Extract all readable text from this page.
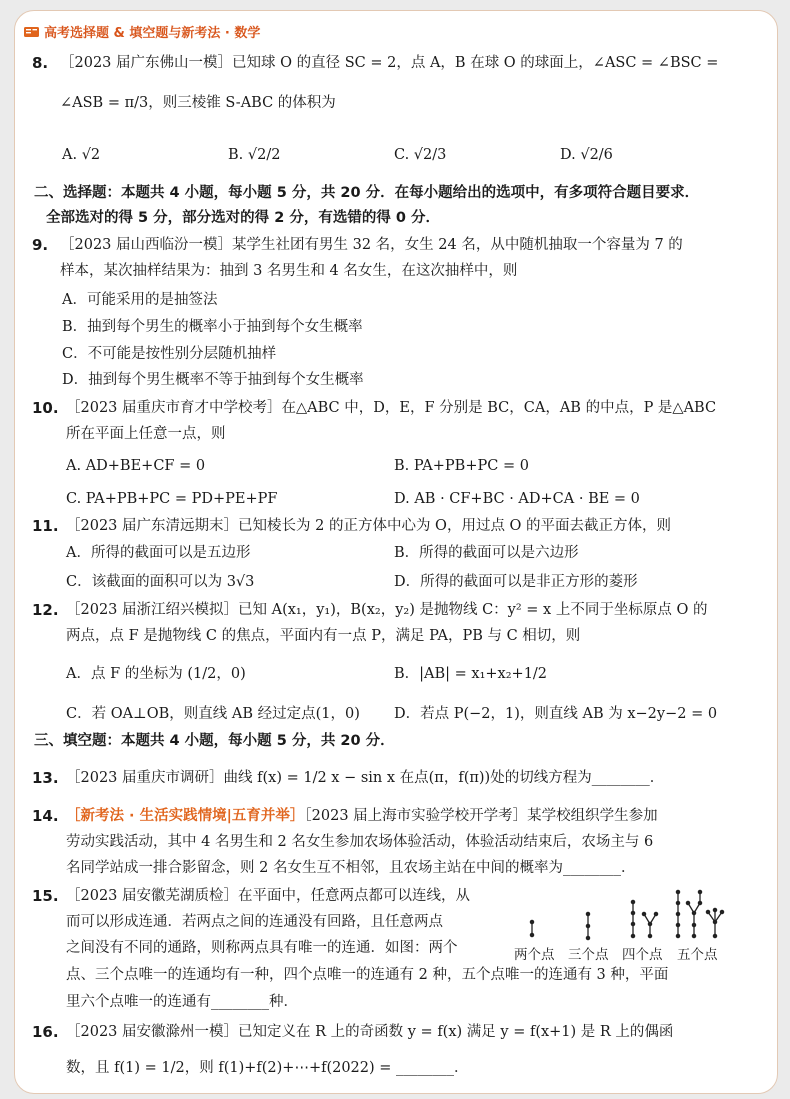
高考选择题 & 填空题与新考法 · 数学
8. ［2023 届广东佛山一模］已知球 O 的直径 SC = 2，点 A，B 在球 O 的球面上，∠ASC = ∠BSC =
∠ASB = π/3，则三棱锥 S-ABC 的体积为
A. √2	B. √2/2	C. √2/3	D. √2/6
二、选择题：本题共 4 小题，每小题 5 分，共 20 分．在每小题给出的选项中，有多项符合题目要求．
全部选对的得 5 分，部分选对的得 2 分，有选错的得 0 分．
9. ［2023 届山西临汾一模］某学生社团有男生 32 名，女生 24 名，从中随机抽取一个容量为 7 的
样本，某次抽样结果为：抽到 3 名男生和 4 名女生，在这次抽样中，则
A．可能采用的是抽签法
B．抽到每个男生的概率小于抽到每个女生概率
C．不可能是按性别分层随机抽样
D．抽到每个男生概率不等于抽到每个女生概率
10. ［2023 届重庆市育才中学校考］在△ABC 中，D，E，F 分别是 BC，CA，AB 的中点，P 是△ABC
所在平面上任意一点，则
A. AD+BE+CF = 0	B. PA+PB+PC = 0
C. PA+PB+PC = PD+PE+PF	D. AB · CF+BC · AD+CA · BE = 0
11. ［2023 届广东清远期末］已知棱长为 2 的正方体中心为 O，用过点 O 的平面去截正方体，则
A．所得的截面可以是五边形	B．所得的截面可以是六边形
C．该截面的面积可以为 3√3	D．所得的截面可以是非正方形的菱形
12. ［2023 届浙江绍兴模拟］已知 A(x₁，y₁)，B(x₂，y₂) 是抛物线 C：y² = x 上不同于坐标原点 O 的
两点，点 F 是抛物线 C 的焦点，平面内有一点 P，满足 PA，PB 与 C 相切，则
A．点 F 的坐标为 (1/2，0)	B．|AB| = x₁+x₂+1/2
C．若 OA⊥OB，则直线 AB 经过定点(1，0) D．若点 P(−2，1)，则直线 AB 为 x−2y−2 = 0
三、填空题：本题共 4 小题，每小题 5 分，共 20 分．
13. ［2023 届重庆市调研］曲线 f(x) = 1/2 x − sin x 在点(π，f(π))处的切线方程为________．
14. ［新考法 · 生活实践情境|五育并举］［2023 届上海市实验学校开学考］某学校组织学生参加
劳动实践活动，其中 4 名男生和 2 名女生参加农场体验活动，体验活动结束后，农场主与 6
名同学站成一排合影留念，则 2 名女生互不相邻，且农场主站在中间的概率为________．
15. ［2023 届安徽芜湖质检］在平面中，任意两点都可以连线，从
而可以形成连通．若两点之间的连通没有回路，且任意两点
之间没有不同的通路，则称两点具有唯一的连通．如图：两个
点、三个点唯一的连通均有一种，四个点唯一的连通有 2 种，五个点唯一的连通有 3 种，平面
里六个点唯一的连通有________种．
两个点 三个点 四个点 五个点
16. ［2023 届安徽滁州一模］已知定义在 R 上的奇函数 y = f(x) 满足 y = f(x+1) 是 R 上的偶函
数，且 f(1) = 1/2，则 f(1)+f(2)+⋯+f(2022) = ________．
